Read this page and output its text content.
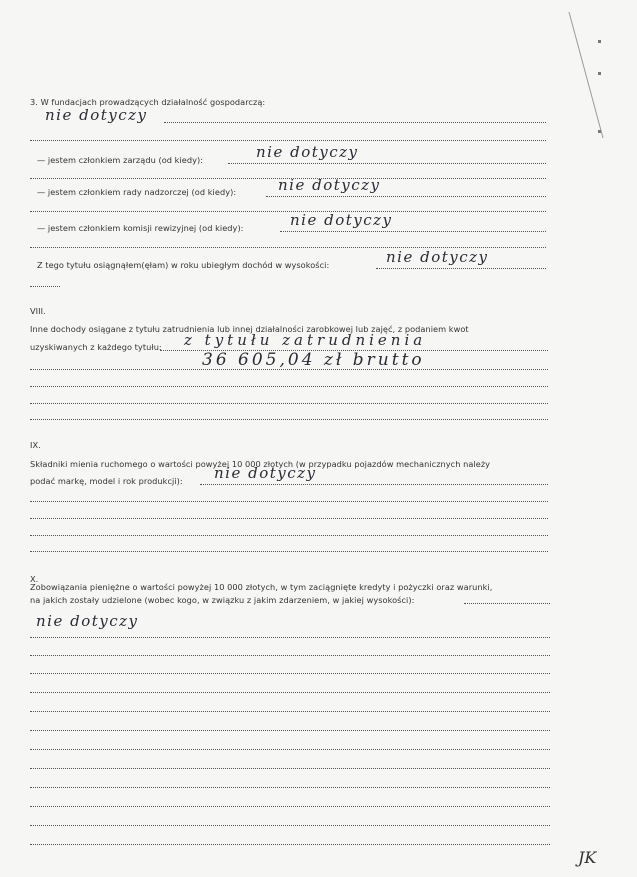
3. W fundacjach prowadzących działalność gospodarczą:
nie dotyczy
— jestem członkiem zarządu (od kiedy):	nie dotyczy
— jestem członkiem rady nadzorczej (od kiedy):	nie dotyczy
— jestem członkiem komisji rewizyjnej (od kiedy):	nie dotyczy
Z tego tytułu osiągnąłem(ęłam) w roku ubiegłym dochód w wysokości:	nie dotyczy
VIII.
Inne dochody osiągane z tytułu zatrudnienia lub innej działalności zarobkowej lub zajęć, z podaniem kwot
uzyskiwanych z każdego tytułu: z tytułu zatrudnienia
36 605,04 zł brutto
IX.
Składniki mienia ruchomego o wartości powyżej 10 000 złotych (w przypadku pojazdów mechanicznych należy
podać markę, model i rok produkcji): nie dotyczy
X.
Zobowiązania pieniężne o wartości powyżej 10 000 złotych, w tym zaciągnięte kredyty i pożyczki oraz warunki,
na jakich zostały udzielone (wobec kogo, w związku z jakim zdarzeniem, w jakiej wysokości):
nie dotyczy
JK
